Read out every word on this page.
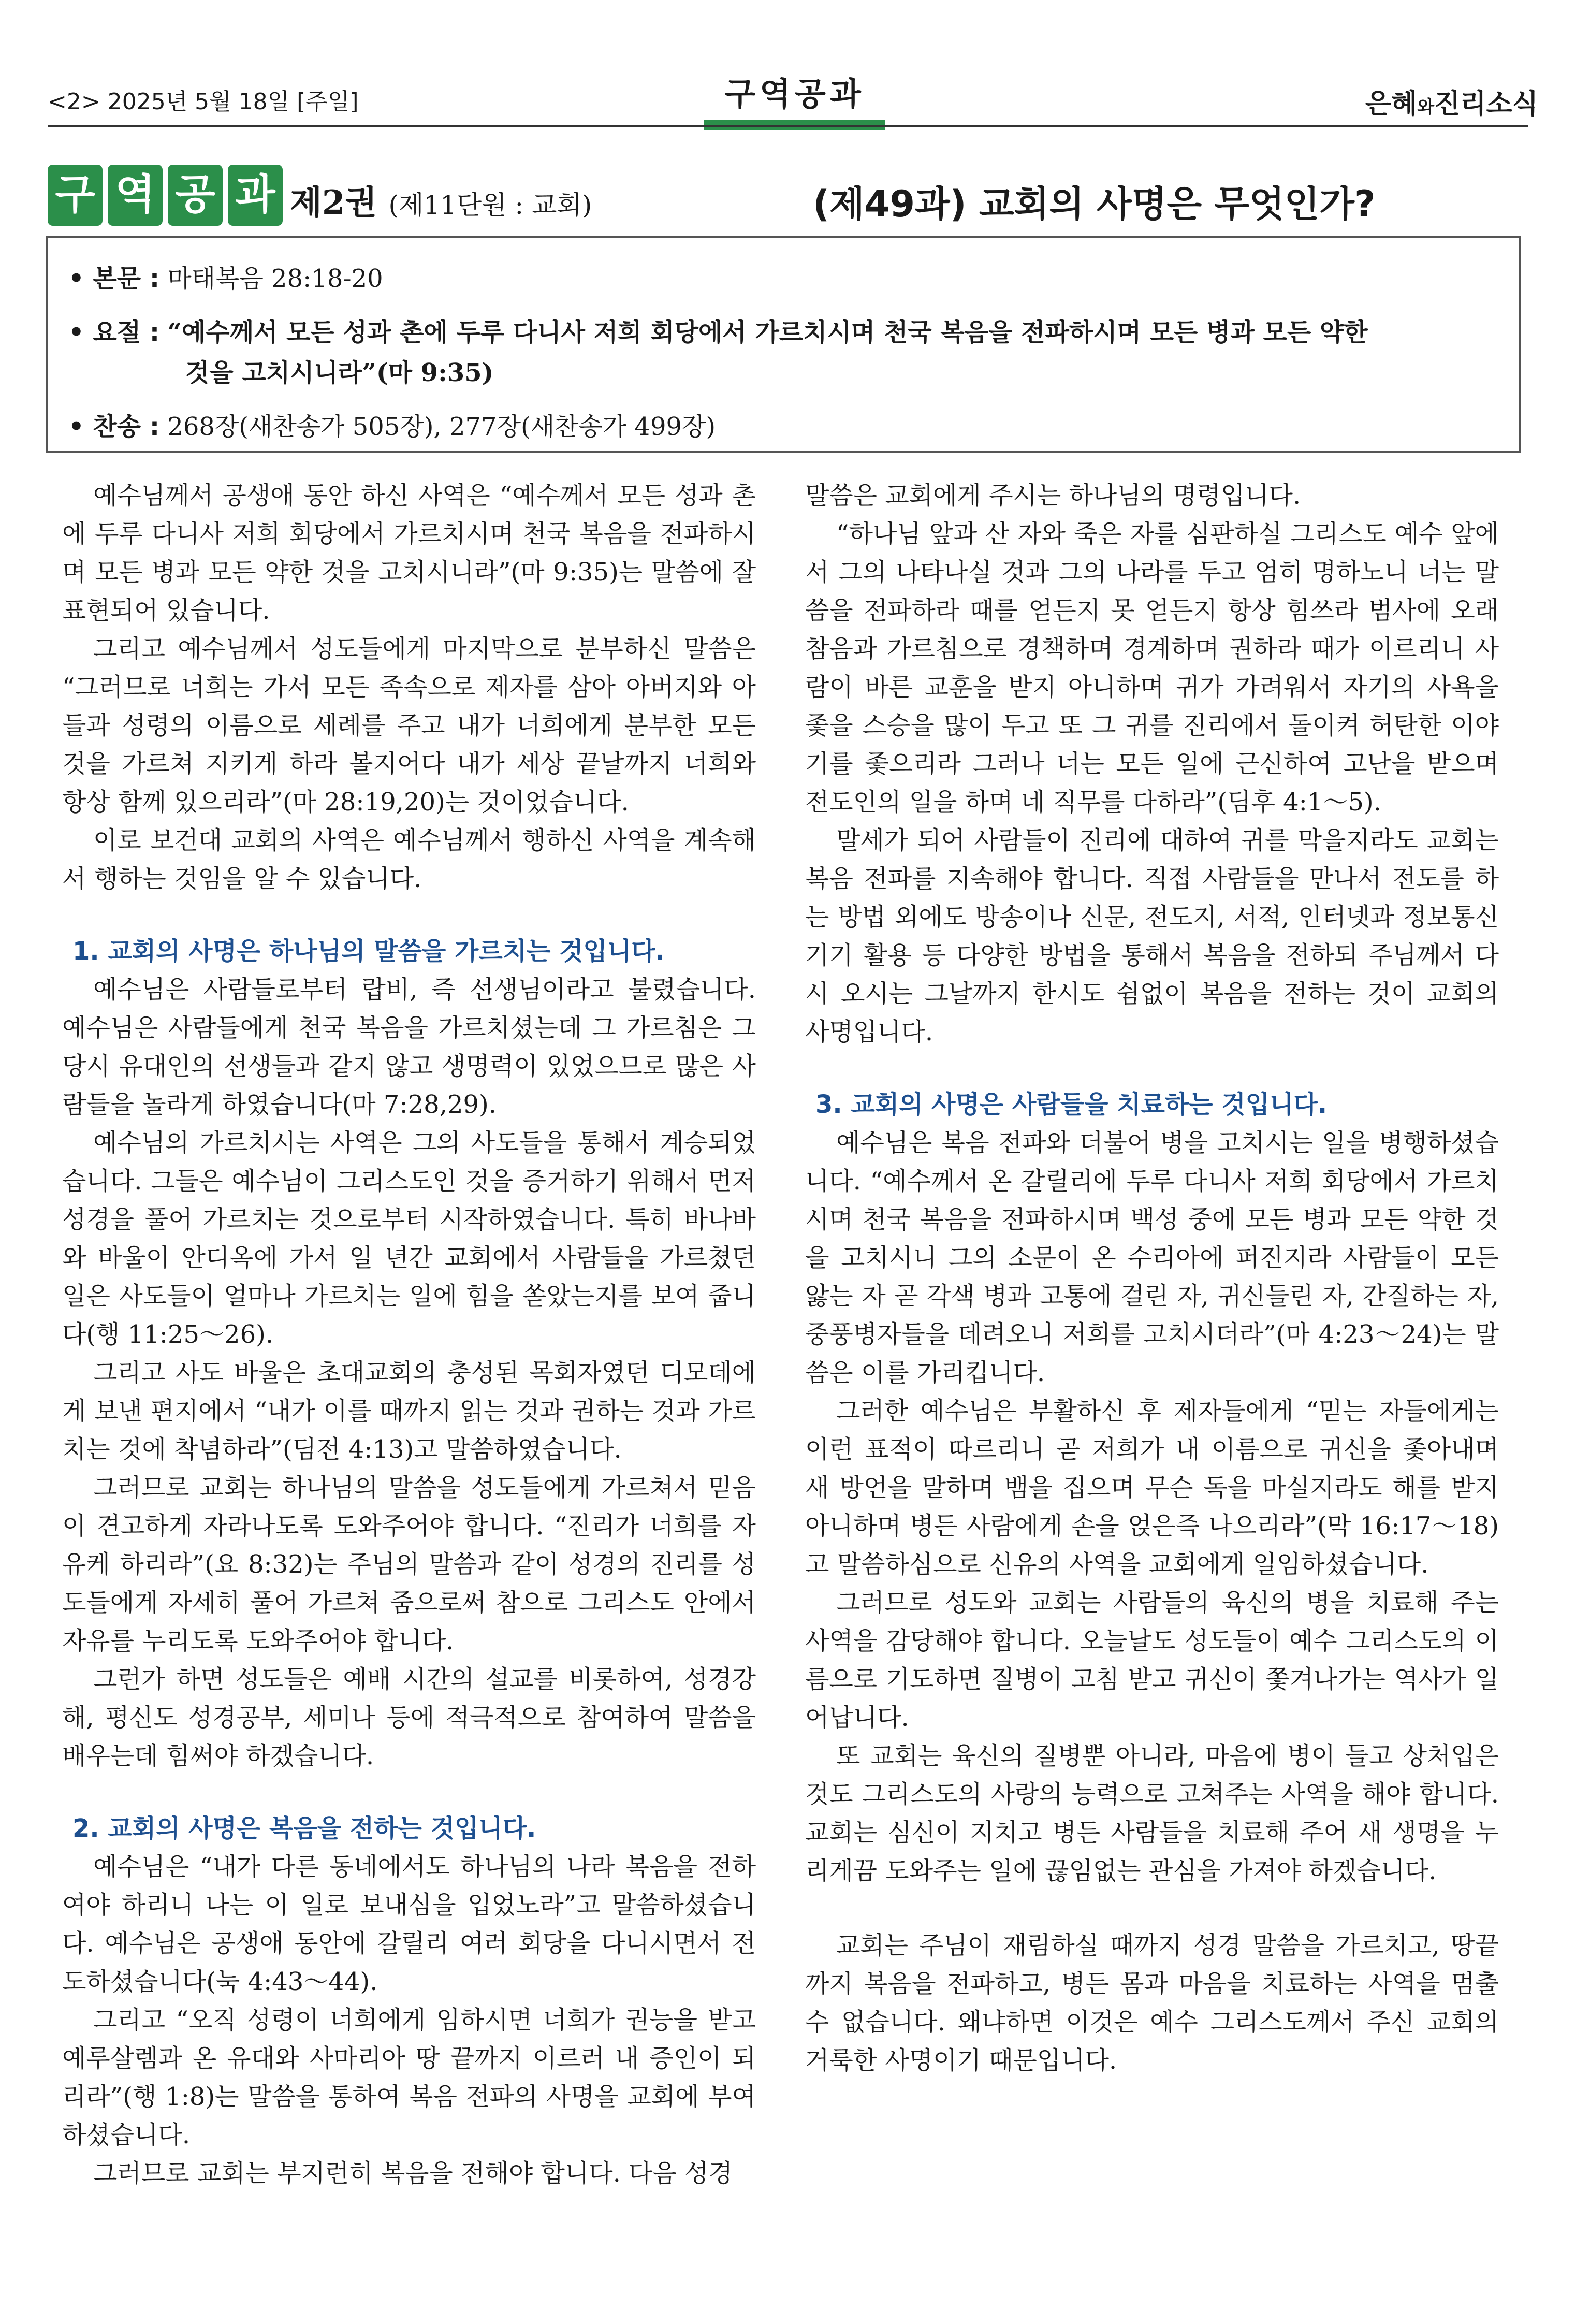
<2> 2025년 5월 18일 [주일]	구역공과	은혜와진리소식
구 역 공 과 제2권 (제11단원 : 교회)	(제49과) 교회의 사명은 무엇인가?
• 본문 : 마태복음 28:18-20
• 요절 : “예수께서 모든 성과 촌에 두루 다니사 저희 회당에서 가르치시며 천국 복음을 전파하시며 모든 병과 모든 약한
것을 고치시니라”(마 9:35)
• 찬송 : 268장(새찬송가 505장), 277장(새찬송가 499장)

예수님께서 공생애 동안 하신 사역은 “예수께서 모든 성과 촌에 두루 다니사 저희 회당에서 가르치시며 천국 복음을 전파하시며 모든 병과 모든 약한 것을 고치시니라”(마 9:35)는 말씀에 잘 표현되어 있습니다.

그리고 예수님께서 성도들에게 마지막으로 분부하신 말씀은 “그러므로 너희는 가서 모든 족속으로 제자를 삼아 아버지와 아들과 성령의 이름으로 세례를 주고 내가 너희에게 분부한 모든 것을 가르쳐 지키게 하라 볼지어다 내가 세상 끝날까지 너희와 항상 함께 있으리라”(마 28:19,20)는 것이었습니다.

이로 보건대 교회의 사역은 예수님께서 행하신 사역을 계속해서 행하는 것임을 알 수 있습니다.

1. 교회의 사명은 하나님의 말씀을 가르치는 것입니다.

예수님은 사람들로부터 랍비, 즉 선생님이라고 불렸습니다. 예수님은 사람들에게 천국 복음을 가르치셨는데 그 가르침은 그 당시 유대인의 선생들과 같지 않고 생명력이 있었으므로 많은 사람들을 놀라게 하였습니다(마 7:28,29).

예수님의 가르치시는 사역은 그의 사도들을 통해서 계승되었습니다. 그들은 예수님이 그리스도인 것을 증거하기 위해서 먼저 성경을 풀어 가르치는 것으로부터 시작하였습니다. 특히 바나바와 바울이 안디옥에 가서 일 년간 교회에서 사람들을 가르쳤던 일은 사도들이 얼마나 가르치는 일에 힘을 쏟았는지를 보여 줍니다(행 11:25～26).

그리고 사도 바울은 초대교회의 충성된 목회자였던 디모데에게 보낸 편지에서 “내가 이를 때까지 읽는 것과 권하는 것과 가르치는 것에 착념하라”(딤전 4:13)고 말씀하였습니다.

그러므로 교회는 하나님의 말씀을 성도들에게 가르쳐서 믿음이 견고하게 자라나도록 도와주어야 합니다. “진리가 너희를 자유케 하리라”(요 8:32)는 주님의 말씀과 같이 성경의 진리를 성도들에게 자세히 풀어 가르쳐 줌으로써 참으로 그리스도 안에서 자유를 누리도록 도와주어야 합니다.

그런가 하면 성도들은 예배 시간의 설교를 비롯하여, 성경강해, 평신도 성경공부, 세미나 등에 적극적으로 참여하여 말씀을 배우는데 힘써야 하겠습니다.

2. 교회의 사명은 복음을 전하는 것입니다.

예수님은 “내가 다른 동네에서도 하나님의 나라 복음을 전하여야 하리니 나는 이 일로 보내심을 입었노라”고 말씀하셨습니다. 예수님은 공생애 동안에 갈릴리 여러 회당을 다니시면서 전도하셨습니다(눅 4:43～44).

그리고 “오직 성령이 너희에게 임하시면 너희가 권능을 받고 예루살렘과 온 유대와 사마리아 땅 끝까지 이르러 내 증인이 되리라”(행 1:8)는 말씀을 통하여 복음 전파의 사명을 교회에 부여하셨습니다.

그러므로 교회는 부지런히 복음을 전해야 합니다. 다음 성경

말씀은 교회에게 주시는 하나님의 명령입니다.

“하나님 앞과 산 자와 죽은 자를 심판하실 그리스도 예수 앞에서 그의 나타나실 것과 그의 나라를 두고 엄히 명하노니 너는 말씀을 전파하라 때를 얻든지 못 얻든지 항상 힘쓰라 범사에 오래 참음과 가르침으로 경책하며 경계하며 권하라 때가 이르리니 사람이 바른 교훈을 받지 아니하며 귀가 가려워서 자기의 사욕을 좇을 스승을 많이 두고 또 그 귀를 진리에서 돌이켜 허탄한 이야기를 좇으리라 그러나 너는 모든 일에 근신하여 고난을 받으며 전도인의 일을 하며 네 직무를 다하라”(딤후 4:1～5).

말세가 되어 사람들이 진리에 대하여 귀를 막을지라도 교회는 복음 전파를 지속해야 합니다. 직접 사람들을 만나서 전도를 하는 방법 외에도 방송이나 신문, 전도지, 서적, 인터넷과 정보통신 기기 활용 등 다양한 방법을 통해서 복음을 전하되 주님께서 다시 오시는 그날까지 한시도 쉼없이 복음을 전하는 것이 교회의 사명입니다.

3. 교회의 사명은 사람들을 치료하는 것입니다.

예수님은 복음 전파와 더불어 병을 고치시는 일을 병행하셨습니다. “예수께서 온 갈릴리에 두루 다니사 저희 회당에서 가르치시며 천국 복음을 전파하시며 백성 중에 모든 병과 모든 약한 것을 고치시니 그의 소문이 온 수리아에 퍼진지라 사람들이 모든 앓는 자 곧 각색 병과 고통에 걸린 자, 귀신들린 자, 간질하는 자, 중풍병자들을 데려오니 저희를 고치시더라”(마 4:23～24)는 말씀은 이를 가리킵니다.

그러한 예수님은 부활하신 후 제자들에게 “믿는 자들에게는 이런 표적이 따르리니 곧 저희가 내 이름으로 귀신을 좇아내며 새 방언을 말하며 뱀을 집으며 무슨 독을 마실지라도 해를 받지 아니하며 병든 사람에게 손을 얹은즉 나으리라”(막 16:17～18)고 말씀하심으로 신유의 사역을 교회에게 일임하셨습니다.

그러므로 성도와 교회는 사람들의 육신의 병을 치료해 주는 사역을 감당해야 합니다. 오늘날도 성도들이 예수 그리스도의 이름으로 기도하면 질병이 고침 받고 귀신이 쫓겨나가는 역사가 일어납니다.

또 교회는 육신의 질병뿐 아니라, 마음에 병이 들고 상처입은 것도 그리스도의 사랑의 능력으로 고쳐주는 사역을 해야 합니다. 교회는 심신이 지치고 병든 사람들을 치료해 주어 새 생명을 누리게끔 도와주는 일에 끊임없는 관심을 가져야 하겠습니다.

교회는 주님이 재림하실 때까지 성경 말씀을 가르치고, 땅끝까지 복음을 전파하고, 병든 몸과 마음을 치료하는 사역을 멈출 수 없습니다. 왜냐하면 이것은 예수 그리스도께서 주신 교회의 거룩한 사명이기 때문입니다.
